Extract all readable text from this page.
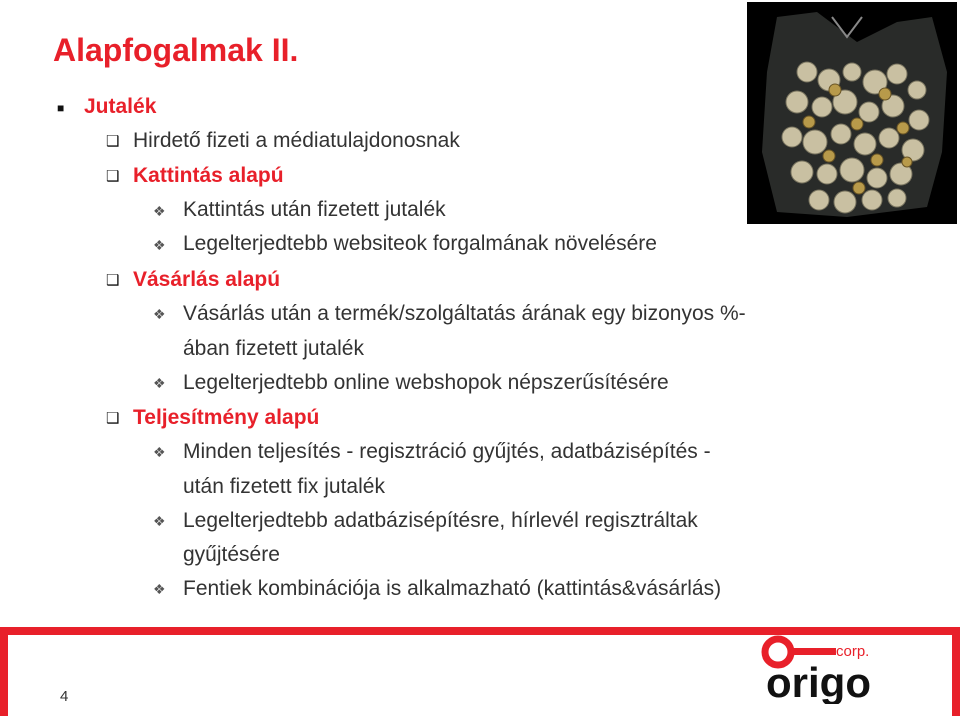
Alapfogalmak II.
■ Jutalék
❑ Hirdető fizeti a médiatulajdonosnak
❑ Kattintás alapú
❖ Kattintás után fizetett jutalék
❖ Legelterjedtebb websiteok forgalmának növelésére
❑ Vásárlás alapú
❖ Vásárlás után a termék/szolgáltatás árának egy bizonyos %-
ában fizetett jutalék
❖ Legelterjedtebb online webshopok népszerűsítésére
❑ Teljesítmény alapú
❖ Minden teljesítés - regisztráció gyűjtés, adatbázisépítés -
után fizetett fix jutalék
❖ Legelterjedtebb adatbázisépítésre, hírlevél regisztráltak
gyűjtésére
❖ Fentiek kombinációja is alkalmazható (kattintás&vásárlás)
4
corp.
origo
